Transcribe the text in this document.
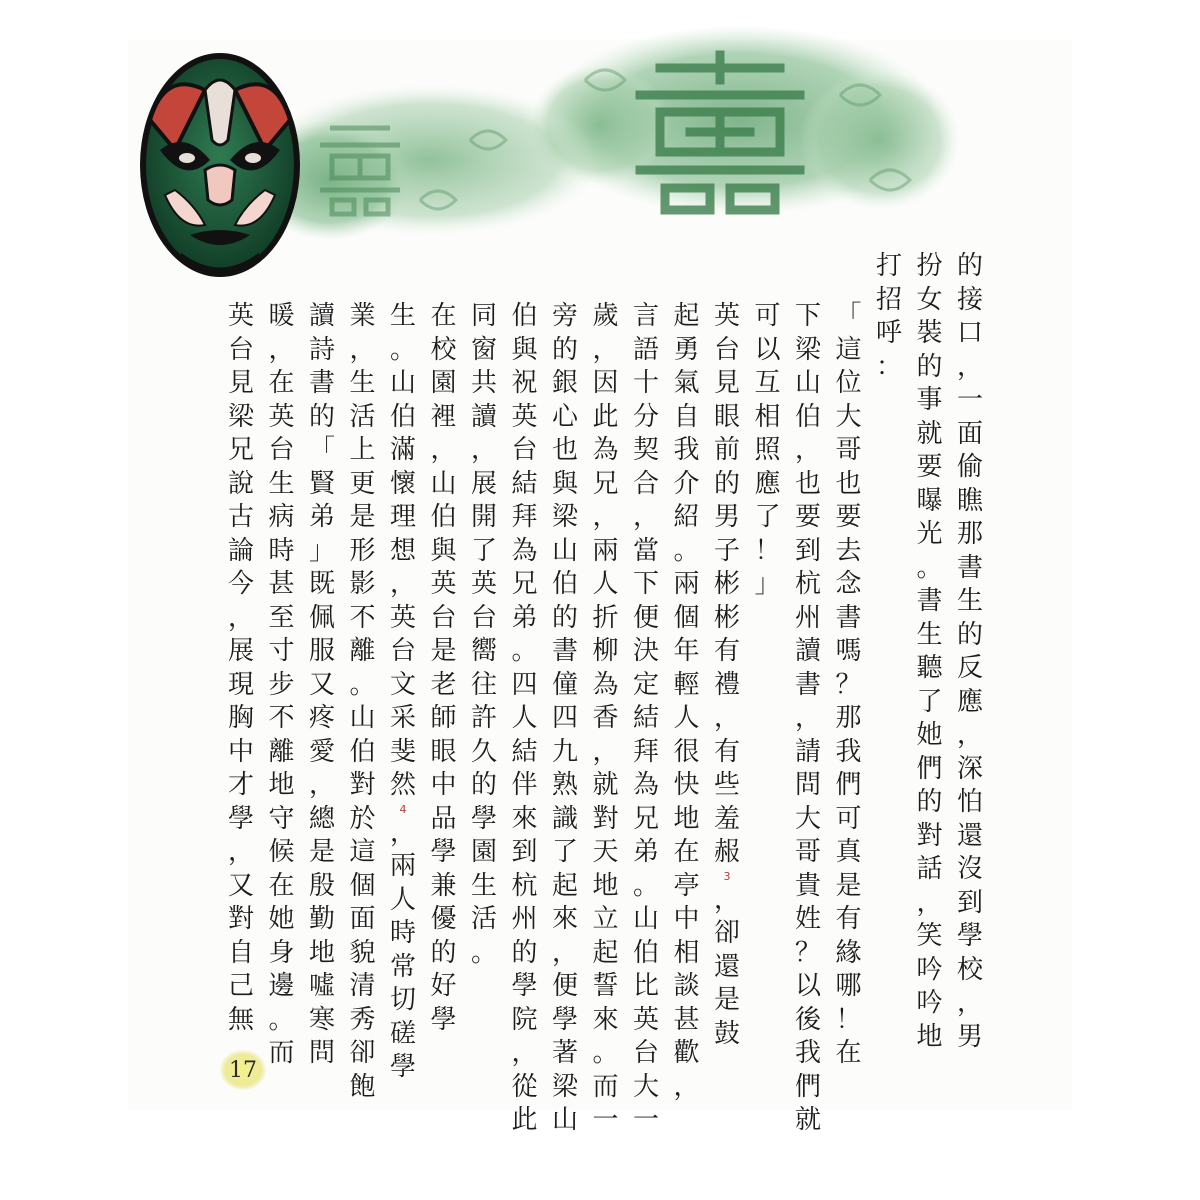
的
接
口
，
一
面
偷
瞧
那
書
生
的
反
應
，
深
怕
還
沒
到
學
校
，
男
扮
女
裝
的
事
就
要
曝
光
。
書
生
聽
了
她
們
的
對
話
，
笑
吟
吟
地
打
招
呼
：
「
這
位
大
哥
也
要
去
念
書
嗎
？
那
我
們
可
真
是
有
緣
哪
！
在
下
梁
山
伯
，
也
要
到
杭
州
讀
書
，
請
問
大
哥
貴
姓
？
以
後
我
們
就
可
以
互
相
照
應
了
！
」
英
台
見
眼
前
的
男
子
彬
彬
有
禮
，
有
些
羞
赧
3
，
卻
還
是
鼓
起
勇
氣
自
我
介
紹
。
兩
個
年
輕
人
很
快
地
在
亭
中
相
談
甚
歡
，
言
語
十
分
契
合
，
當
下
便
決
定
結
拜
為
兄
弟
。
山
伯
比
英
台
大
一
歲
，
因
此
為
兄
，
兩
人
折
柳
為
香
，
就
對
天
地
立
起
誓
來
。
而
一
旁
的
銀
心
也
與
梁
山
伯
的
書
僮
四
九
熟
識
了
起
來
，
便
學
著
梁
山
伯
與
祝
英
台
結
拜
為
兄
弟
。
四
人
結
伴
來
到
杭
州
的
學
院
，
從
此
同
窗
共
讀
，
展
開
了
英
台
嚮
往
許
久
的
學
園
生
活
。
在
校
園
裡
，
山
伯
與
英
台
是
老
師
眼
中
品
學
兼
優
的
好
學
生
。
山
伯
滿
懷
理
想
，
英
台
文
采
斐
然
4
，
兩
人
時
常
切
磋
學
業
，
生
活
上
更
是
形
影
不
離
。
山
伯
對
於
這
個
面
貌
清
秀
卻
飽
讀
詩
書
的
「
賢
弟
」
既
佩
服
又
疼
愛
，
總
是
殷
勤
地
噓
寒
問
暖
，
在
英
台
生
病
時
甚
至
寸
步
不
離
地
守
候
在
她
身
邊
。
而
英
台
見
梁
兄
說
古
論
今
，
展
現
胸
中
才
學
，
又
對
自
己
無
17
